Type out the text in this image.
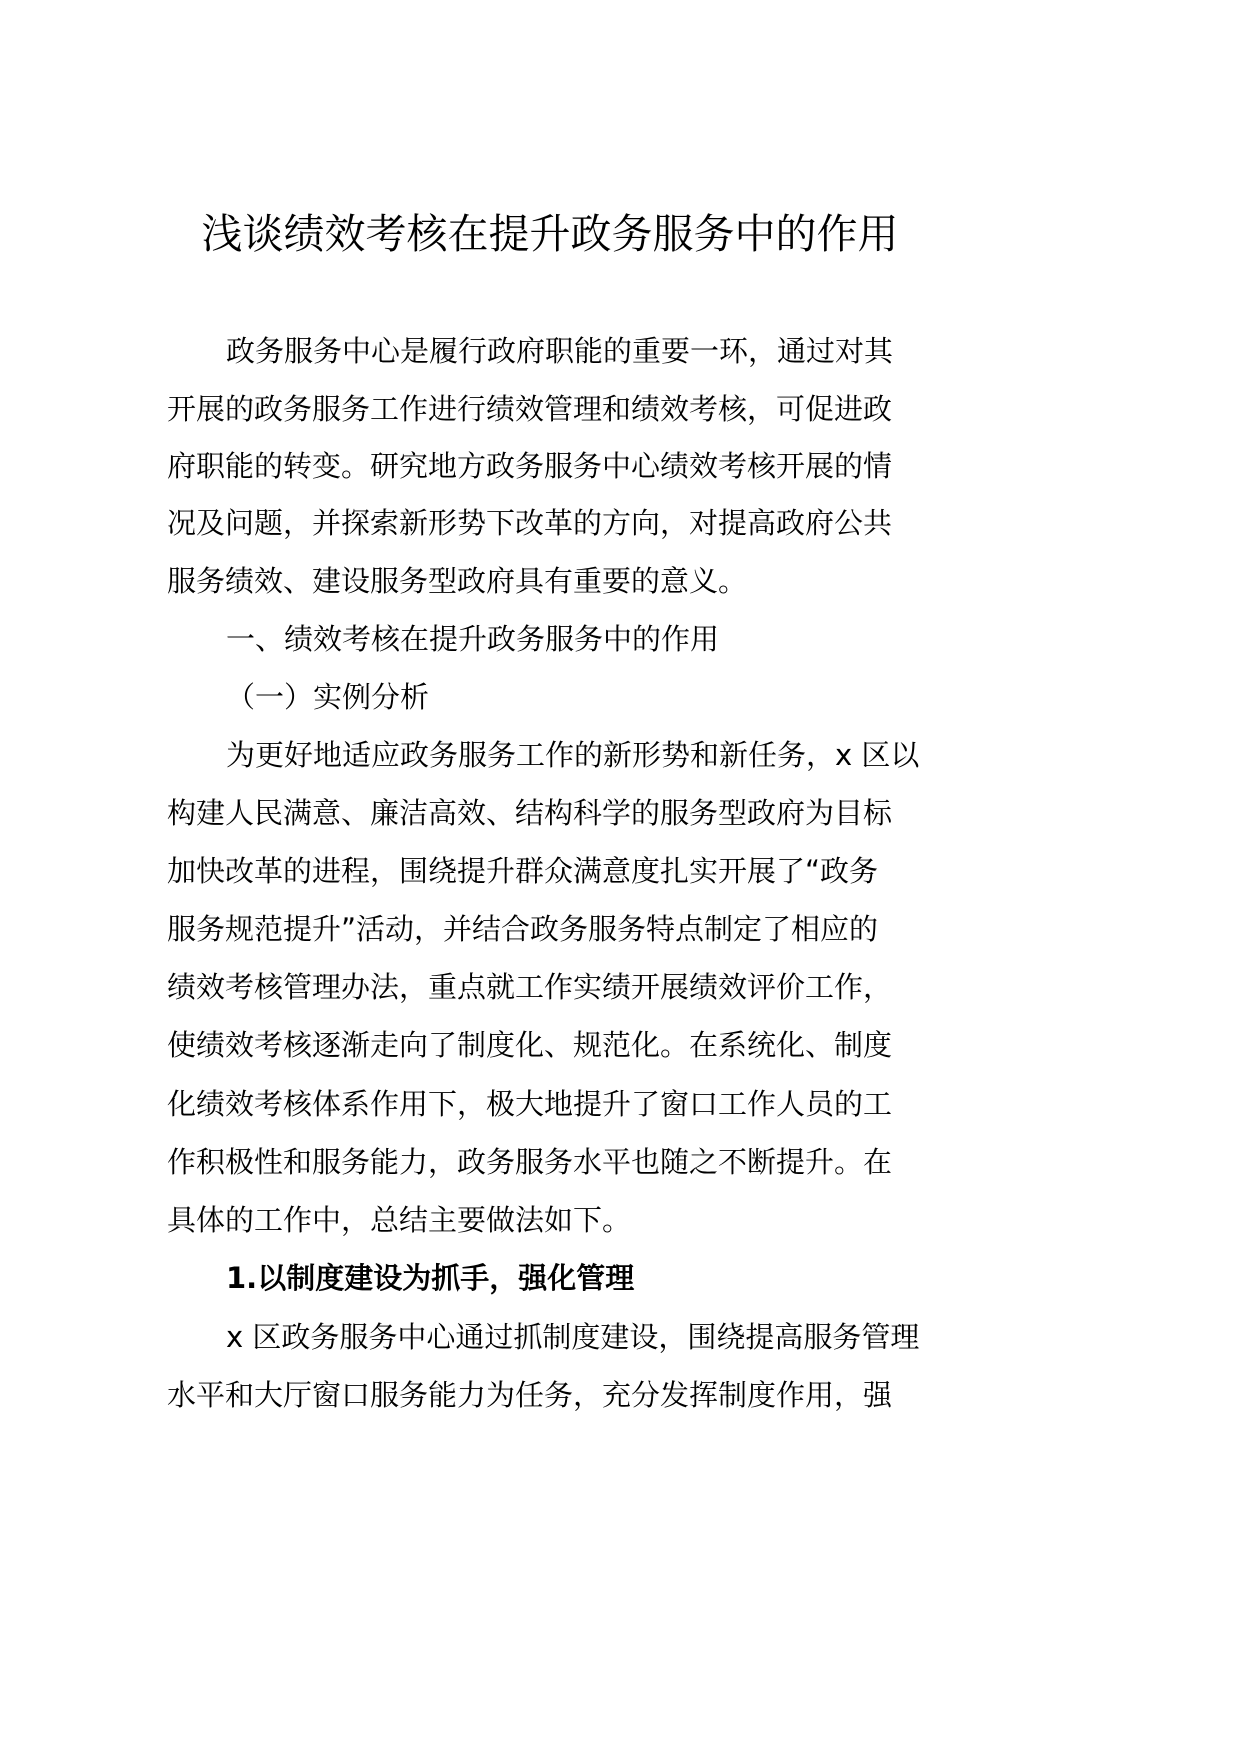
浅谈绩效考核在提升政务服务中的作用
政务服务中心是履行政府职能的重要一环，通过对其
开展的政务服务工作进行绩效管理和绩效考核，可促进政
府职能的转变。研究地方政务服务中心绩效考核开展的情
况及问题，并探索新形势下改革的方向，对提高政府公共
服务绩效、建设服务型政府具有重要的意义。
一、绩效考核在提升政务服务中的作用
（一）实例分析
为更好地适应政务服务工作的新形势和新任务，x 区以
构建人民满意、廉洁高效、结构科学的服务型政府为目标
加快改革的进程，围绕提升群众满意度扎实开展了“政务
服务规范提升”活动，并结合政务服务特点制定了相应的
绩效考核管理办法，重点就工作实绩开展绩效评价工作，
使绩效考核逐渐走向了制度化、规范化。在系统化、制度
化绩效考核体系作用下，极大地提升了窗口工作人员的工
作积极性和服务能力，政务服务水平也随之不断提升。在
具体的工作中，总结主要做法如下。
1.以制度建设为抓手，强化管理
x 区政务服务中心通过抓制度建设，围绕提高服务管理
水平和大厅窗口服务能力为任务，充分发挥制度作用，强
